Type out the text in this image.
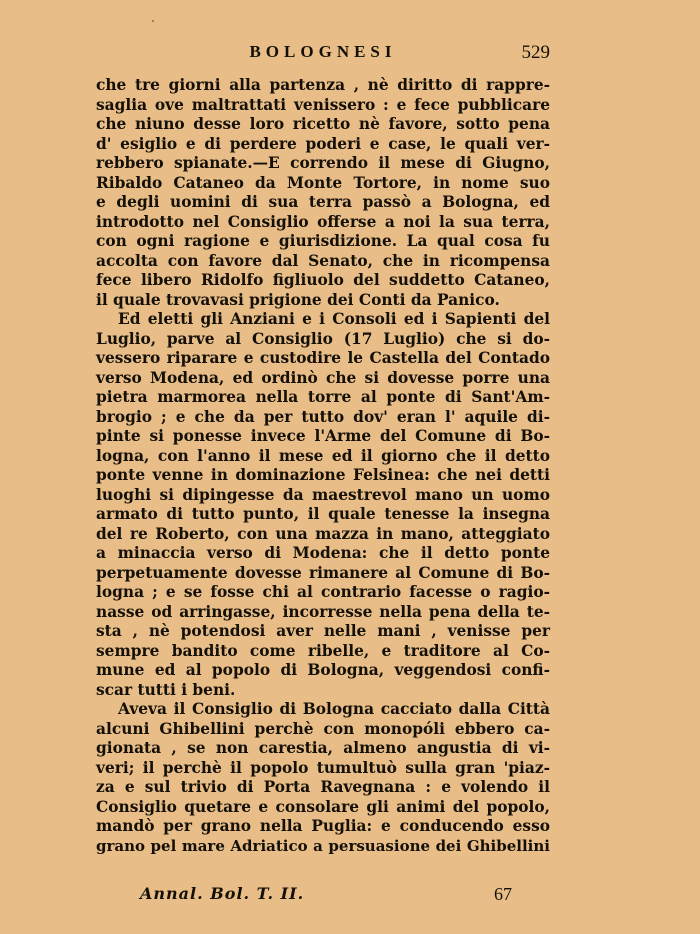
BOLOGNESI	529
che tre giorni alla partenza , nè diritto di rappre-
saglia ove maltrattati venissero : e fece pubblicare
che niuno desse loro ricetto nè favore, sotto pena
d' esiglio e di perdere poderi e case, le quali ver-
rebbero spianate.—E correndo il mese di Giugno,
Ribaldo Cataneo da Monte Tortore, in nome suo
e degli uomini di sua terra passò a Bologna, ed
introdotto nel Consiglio offerse a noi la sua terra,
con ogni ragione e giurisdizione. La qual cosa fu
accolta con favore dal Senato, che in ricompensa
fece libero Ridolfo figliuolo del suddetto Cataneo,
il quale trovavasi prigione dei Conti da Panico.
Ed eletti gli Anziani e i Consoli ed i Sapienti del
Luglio, parve al Consiglio (17 Luglio) che si do-
vessero riparare e custodire le Castella del Contado
verso Modena, ed ordinò che si dovesse porre una
pietra marmorea nella torre al ponte di Sant'Am-
brogio ; e che da per tutto dov' eran l' aquile di-
pinte si ponesse invece l'Arme del Comune di Bo-
logna, con l'anno il mese ed il giorno che il detto
ponte venne in dominazione Felsinea: che nei detti
luoghi si dipingesse da maestrevol mano un uomo
armato di tutto punto, il quale tenesse la insegna
del re Roberto, con una mazza in mano, atteggiato
a minaccia verso di Modena: che il detto ponte
perpetuamente dovesse rimanere al Comune di Bo-
logna ; e se fosse chi al contrario facesse o ragio-
nasse od arringasse, incorresse nella pena della te-
sta , nè potendosi aver nelle mani , venisse per
sempre bandito come ribelle, e traditore al Co-
mune ed al popolo di Bologna, veggendosi confi-
scar tutti i beni.
Aveva il Consiglio di Bologna cacciato dalla Città
alcuni Ghibellini perchè con monopóli ebbero ca-
gionata , se non carestia, almeno angustia di vi-
veri; il perchè il popolo tumultuò sulla gran 'piaz-
za e sul trivio di Porta Ravegnana : e volendo il
Consiglio quetare e consolare gli animi del popolo,
mandò per grano nella Puglia: e conducendo esso
grano pel mare Adriatico a persuasione dei Ghibellini
Annal. Bol. T. II.	67
